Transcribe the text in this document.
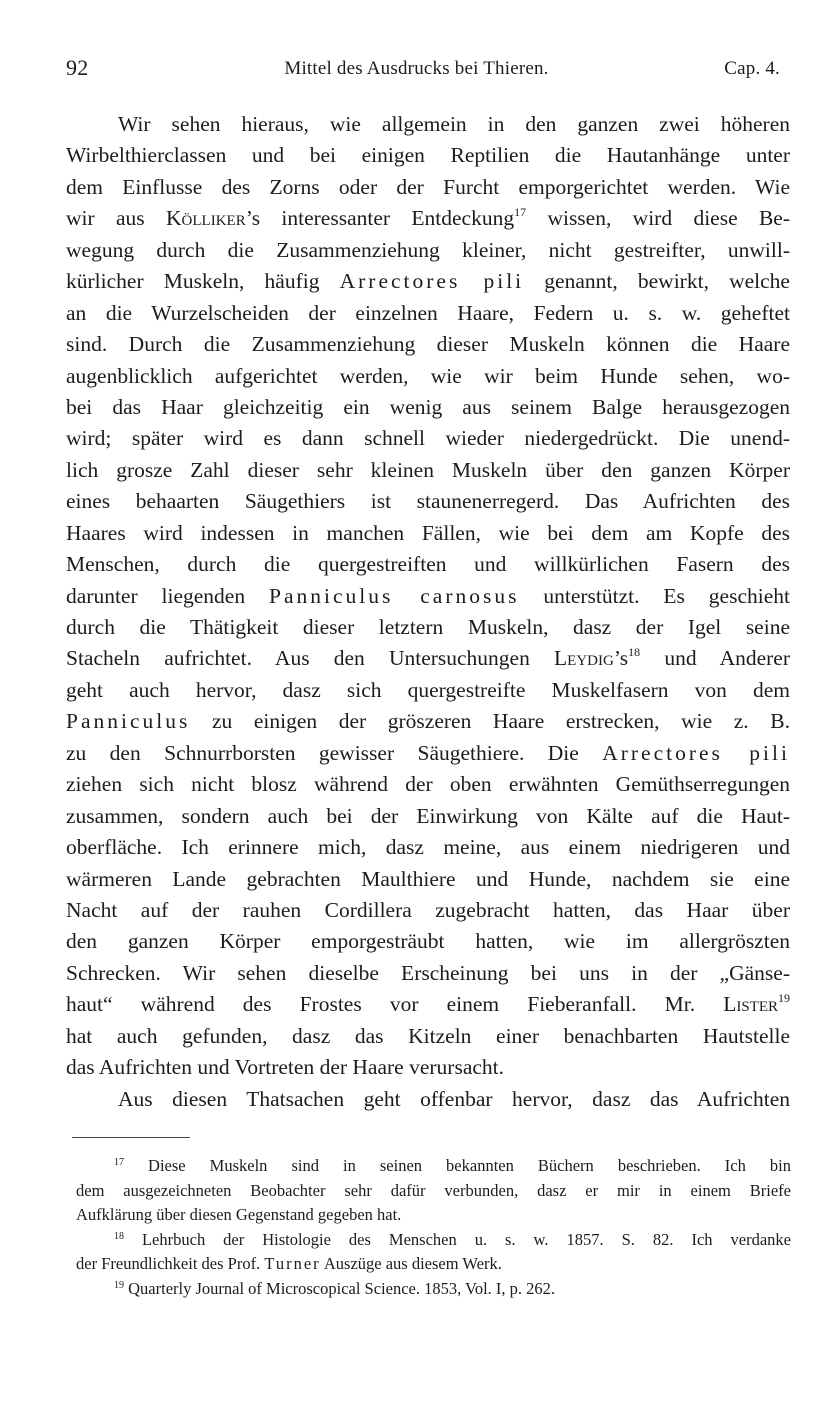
92	Mittel des Ausdrucks bei Thieren.	Cap. 4.
Wir sehen hieraus, wie allgemein in den ganzen zwei höheren
Wirbelthierclassen und bei einigen Reptilien die Hautanhänge unter
dem Einflusse des Zorns oder der Furcht emporgerichtet werden. Wie
wir aus Kölliker’s interessanter Entdeckung$^{17}$ wissen, wird diese Be-
wegung durch die Zusammenziehung kleiner, nicht gestreifter, unwill-
kürlicher Muskeln, häufig Arrectores pili genannt, bewirkt, welche
an die Wurzelscheiden der einzelnen Haare, Federn u. s. w. geheftet
sind. Durch die Zusammenziehung dieser Muskeln können die Haare
augenblicklich aufgerichtet werden, wie wir beim Hunde sehen, wo-
bei das Haar gleichzeitig ein wenig aus seinem Balge herausgezogen
wird; später wird es dann schnell wieder niedergedrückt. Die unend-
lich grosze Zahl dieser sehr kleinen Muskeln über den ganzen Körper
eines behaarten Säugethiers ist staunenerregerd. Das Aufrichten des
Haares wird indessen in manchen Fällen, wie bei dem am Kopfe des
Menschen, durch die quergestreiften und willkürlichen Fasern des
darunter liegenden Panniculus carnosus unterstützt. Es geschieht
durch die Thätigkeit dieser letztern Muskeln, dasz der Igel seine
Stacheln aufrichtet. Aus den Untersuchungen $Leydig’s^{18}$ und Anderer
geht auch hervor, dasz sich quergestreifte Muskelfasern von dem
Panniculus zu einigen der gröszeren Haare erstrecken, wie z. B.
zu den Schnurrborsten gewisser Säugethiere. Die Arrectores pili
ziehen sich nicht blosz während der oben erwähnten Gemüthserregungen
zusammen, sondern auch bei der Einwirkung von Kälte auf die Haut-
oberfläche. Ich erinnere mich, dasz meine, aus einem niedrigeren und
wärmeren Lande gebrachten Maulthiere und Hunde, nachdem sie eine
Nacht auf der rauhen Cordillera zugebracht hatten, das Haar über
den ganzen Körper emporgesträubt hatten, wie im allergröszten
Schrecken. Wir sehen dieselbe Erscheinung bei uns in der „Gänse-
haut“ während des Frostes vor einem Fieberanfall. Mr. Lister$^{19}$
hat auch gefunden, dasz das Kitzeln einer benachbarten Hautstelle
das Aufrichten und Vortreten der Haare verursacht.
Aus diesen Thatsachen geht offenbar hervor, dasz das Aufrichten
$^{17}$ Diese Muskeln sind in seinen bekannten Büchern beschrieben. Ich bin
dem ausgezeichneten Beobachter sehr dafür verbunden, dasz er mir in einem Briefe
Aufklärung über diesen Gegenstand gegeben hat.
$^{18}$ Lehrbuch der Histologie des Menschen u. s. w. 1857. S. 82. Ich verdanke
der Freundlichkeit des Prof. Turner Auszüge aus diesem Werk.
$^{19}$ Quarterly Journal of Microscopical Science. 1853, Vol. I, p. 262.
